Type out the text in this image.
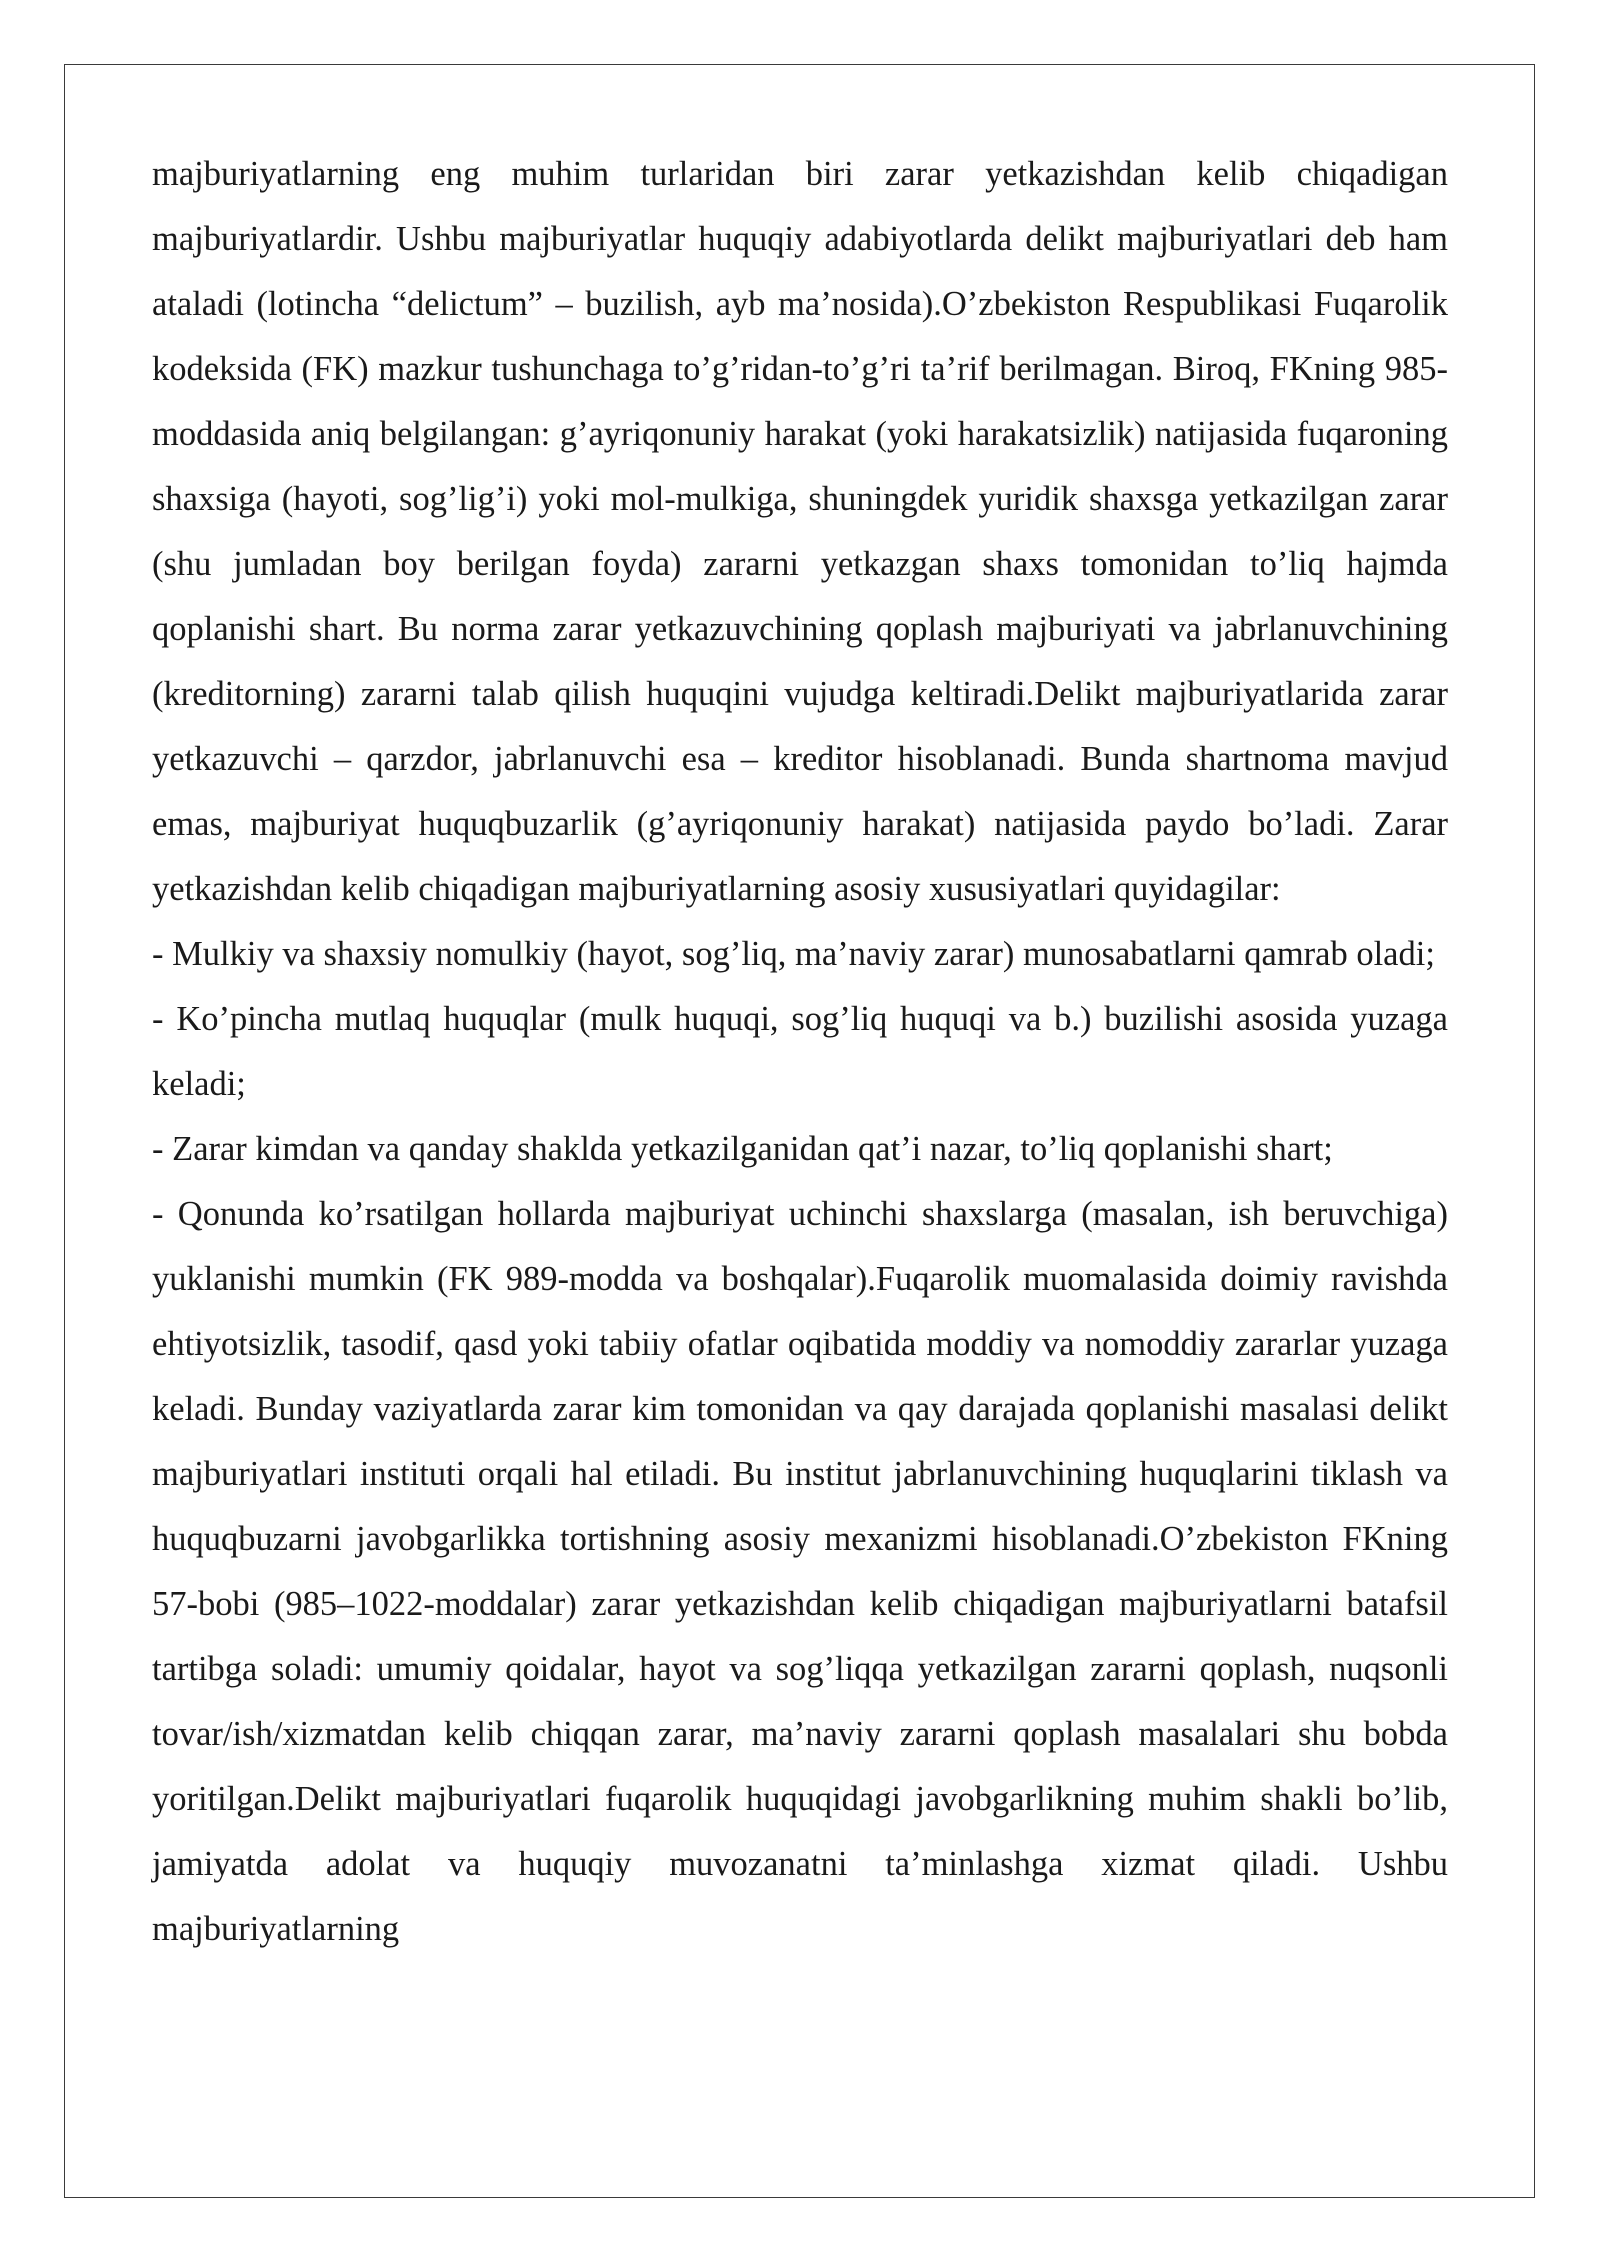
majburiyatlarning eng muhim turlaridan biri zarar yetkazishdan kelib chiqadigan majburiyatlardir. Ushbu majburiyatlar huquqiy adabiyotlarda delikt majburiyatlari deb ham ataladi (lotincha “delictum” – buzilish, ayb ma’nosida).O’zbekiston Respublikasi Fuqarolik kodeksida (FK) mazkur tushunchaga to’g’ridan-to’g’ri ta’rif berilmagan. Biroq, FKning 985-moddasida aniq belgilangan: g’ayriqonuniy harakat (yoki harakatsizlik) natijasida fuqaroning shaxsiga (hayoti, sog’lig’i) yoki mol-mulkiga, shuningdek yuridik shaxsga yetkazilgan zarar (shu jumladan boy berilgan foyda) zararni yetkazgan shaxs tomonidan to’liq hajmda qoplanishi shart. Bu norma zarar yetkazuvchining qoplash majburiyati va jabrlanuvchining (kreditorning) zararni talab qilish huquqini vujudga keltiradi.Delikt majburiyatlarida zarar yetkazuvchi – qarzdor, jabrlanuvchi esa – kreditor hisoblanadi. Bunda shartnoma mavjud emas, majburiyat huquqbuzarlik (g’ayriqonuniy harakat) natijasida paydo bo’ladi. Zarar yetkazishdan kelib chiqadigan majburiyatlarning asosiy xususiyatlari quyidagilar:

- Mulkiy va shaxsiy nomulkiy (hayot, sog’liq, ma’naviy zarar) munosabatlarni qamrab oladi;

- Ko’pincha mutlaq huquqlar (mulk huquqi, sog’liq huquqi va b.) buzilishi asosida yuzaga keladi;

- Zarar kimdan va qanday shaklda yetkazilganidan qat’i nazar, to’liq qoplanishi shart;

- Qonunda ko’rsatilgan hollarda majburiyat uchinchi shaxslarga (masalan, ish beruvchiga) yuklanishi mumkin (FK 989-modda va boshqalar).Fuqarolik muomalasida doimiy ravishda ehtiyotsizlik, tasodif, qasd yoki tabiiy ofatlar oqibatida moddiy va nomoddiy zararlar yuzaga keladi. Bunday vaziyatlarda zarar kim tomonidan va qay darajada qoplanishi masalasi delikt majburiyatlari instituti orqali hal etiladi. Bu institut jabrlanuvchining huquqlarini tiklash va huquqbuzarni javobgarlikka tortishning asosiy mexanizmi hisoblanadi.O’zbekiston FKning 57-bobi (985–1022-moddalar) zarar yetkazishdan kelib chiqadigan majburiyatlarni batafsil tartibga soladi: umumiy qoidalar, hayot va sog’liqqa yetkazilgan zararni qoplash, nuqsonli tovar/ish/xizmatdan kelib chiqqan zarar, ma’naviy zararni qoplash masalalari shu bobda yoritilgan.Delikt majburiyatlari fuqarolik huquqidagi javobgarlikning muhim shakli bo’lib, jamiyatda adolat va huquqiy muvozanatni ta’minlashga xizmat qiladi. Ushbu majburiyatlarning
